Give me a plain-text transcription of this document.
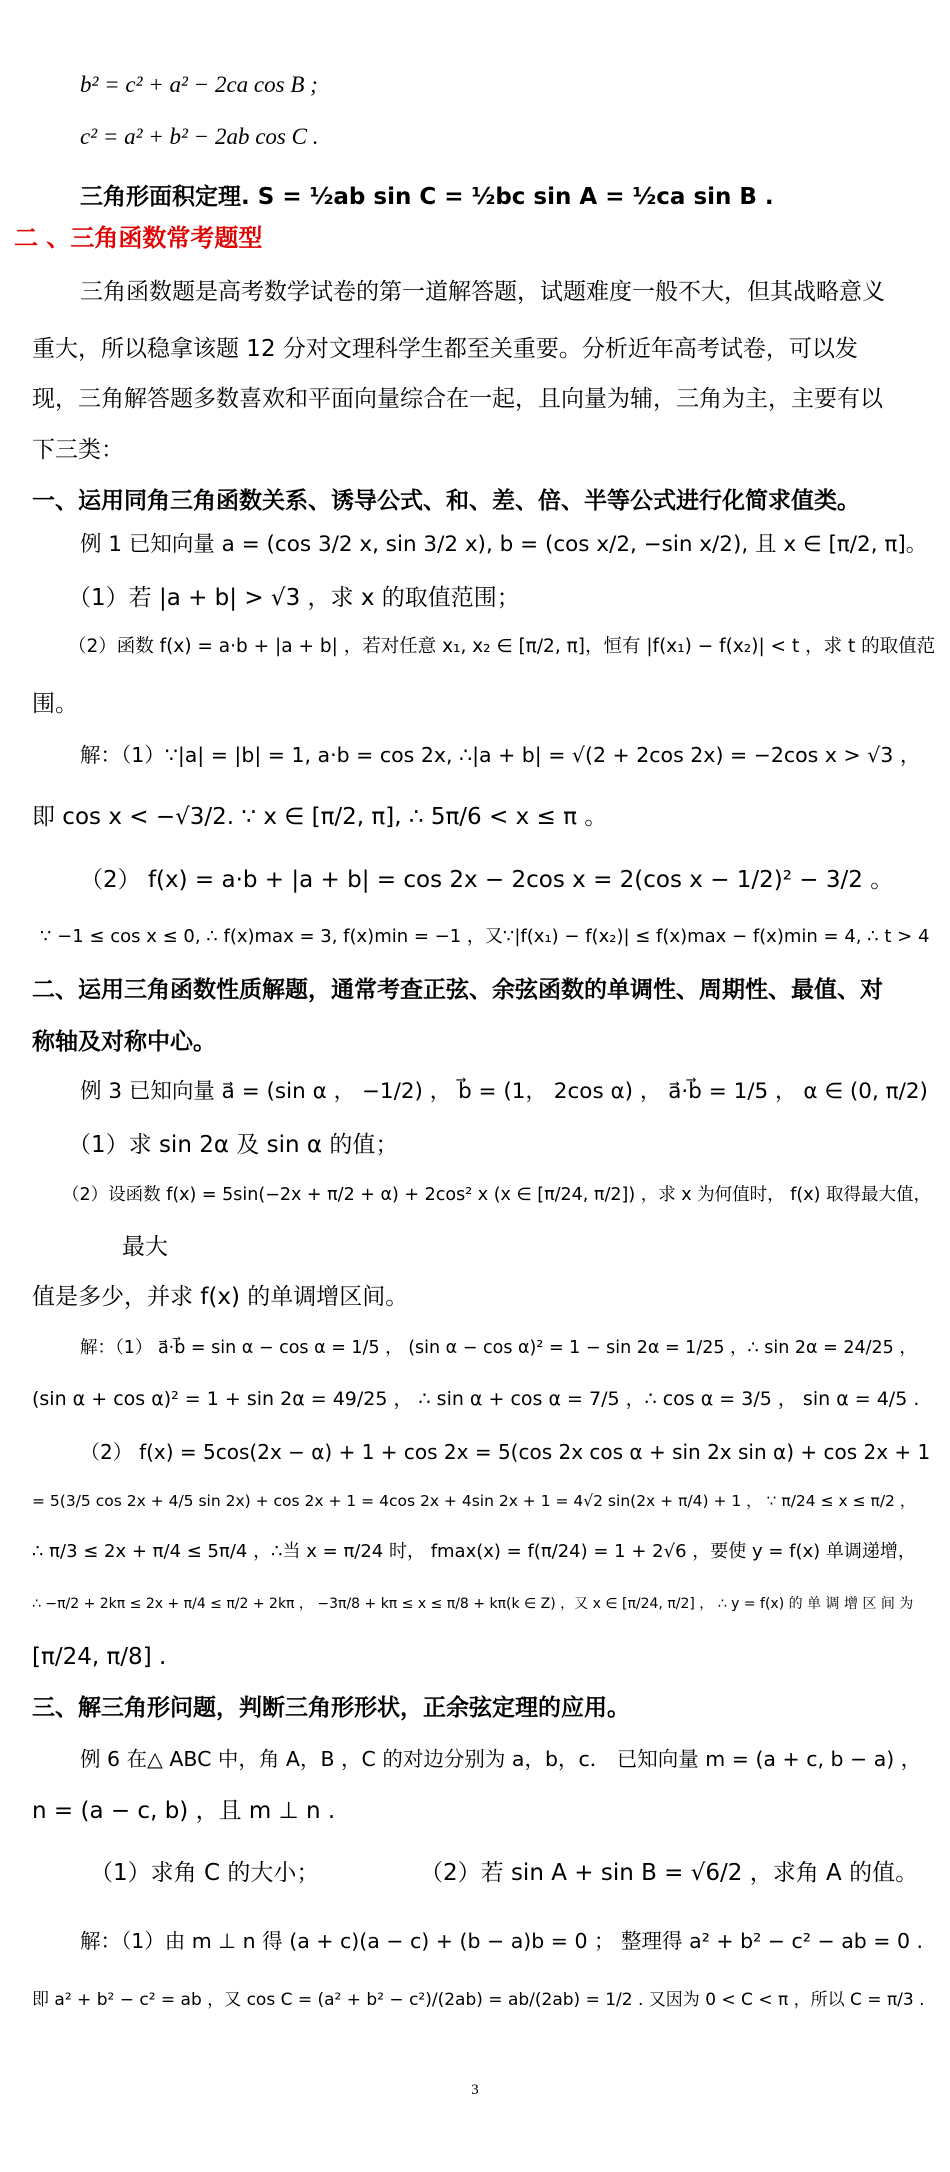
b² = c² + a² − 2ca cos B ;
c² = a² + b² − 2ab cos C .
三角形面积定理. S = ½ab sin C = ½bc sin A = ½ca sin B .
二 、三角函数常考题型
三角函数题是高考数学试卷的第一道解答题，试题难度一般不大，但其战略意义
重大，所以稳拿该题 12 分对文理科学生都至关重要。分析近年高考试卷，可以发
现，三角解答题多数喜欢和平面向量综合在一起，且向量为辅，三角为主，主要有以
下三类：
一、运用同角三角函数关系、诱导公式、和、差、倍、半等公式进行化简求值类。
例 1 已知向量 a = (cos 3/2 x, sin 3/2 x), b = (cos x/2, −sin x/2), 且 x ∈ [π/2, π]。
（1）若 |a + b| > √3 ，求 x 的取值范围；
（2）函数 f(x) = a·b + |a + b| ，若对任意 x₁, x₂ ∈ [π/2, π]，恒有 |f(x₁) − f(x₂)| < t ，求 t 的取值范
围。
解：（1）∵|a| = |b| = 1, a·b = cos 2x, ∴|a + b| = √(2 + 2cos 2x) = −2cos x > √3 ，
即 cos x < −√3/2. ∵ x ∈ [π/2, π], ∴ 5π/6 < x ≤ π 。
（2） f(x) = a·b + |a + b| = cos 2x − 2cos x = 2(cos x − 1/2)² − 3/2 。
∵ −1 ≤ cos x ≤ 0, ∴ f(x)max = 3, f(x)min = −1 ，又∵|f(x₁) − f(x₂)| ≤ f(x)max − f(x)min = 4, ∴ t > 4
二、运用三角函数性质解题，通常考查正弦、余弦函数的单调性、周期性、最值、对
称轴及对称中心。
例 3 已知向量 a⃗ = (sin α ， −1/2) ， b⃗ = (1， 2cos α) ， a⃗·b⃗ = 1/5 ， α ∈ (0, π/2)
（1）求 sin 2α 及 sin α 的值；
（2）设函数 f(x) = 5sin(−2x + π/2 + α) + 2cos² x (x ∈ [π/24, π/2]) ，求 x 为何值时， f(x) 取得最大值，
最大
值是多少，并求 f(x) 的单调增区间。
解：（1） a⃗·b⃗ = sin α − cos α = 1/5 ， (sin α − cos α)² = 1 − sin 2α = 1/25 ，∴ sin 2α = 24/25 ，
(sin α + cos α)² = 1 + sin 2α = 49/25 ， ∴ sin α + cos α = 7/5 ，∴ cos α = 3/5 ， sin α = 4/5 .
（2） f(x) = 5cos(2x − α) + 1 + cos 2x = 5(cos 2x cos α + sin 2x sin α) + cos 2x + 1
= 5(3/5 cos 2x + 4/5 sin 2x) + cos 2x + 1 = 4cos 2x + 4sin 2x + 1 = 4√2 sin(2x + π/4) + 1 ， ∵ π/24 ≤ x ≤ π/2 ，
∴ π/3 ≤ 2x + π/4 ≤ 5π/4 ，∴当 x = π/24 时， fmax(x) = f(π/24) = 1 + 2√6 ，要使 y = f(x) 单调递增，
∴ −π/2 + 2kπ ≤ 2x + π/4 ≤ π/2 + 2kπ ， −3π/8 + kπ ≤ x ≤ π/8 + kπ(k ∈ Z) ，又 x ∈ [π/24, π/2] ， ∴ y = f(x) 的 单 调 增 区 间 为
[π/24, π/8] .
三、解三角形问题，判断三角形形状，正余弦定理的应用。
例 6 在△ ABC 中，角 A，B ，C 的对边分别为 a，b，c． 已知向量 m = (a + c, b − a) ，
n = (a − c, b) ，且 m ⊥ n .
（1）求角 C 的大小；	（2）若 sin A + sin B = √6/2 ，求角 A 的值。
解：（1）由 m ⊥ n 得 (a + c)(a − c) + (b − a)b = 0 ； 整理得 a² + b² − c² − ab = 0 .
即 a² + b² − c² = ab ，又 cos C = (a² + b² − c²)/(2ab) = ab/(2ab) = 1/2 . 又因为 0 < C < π ，所以 C = π/3 .
3
